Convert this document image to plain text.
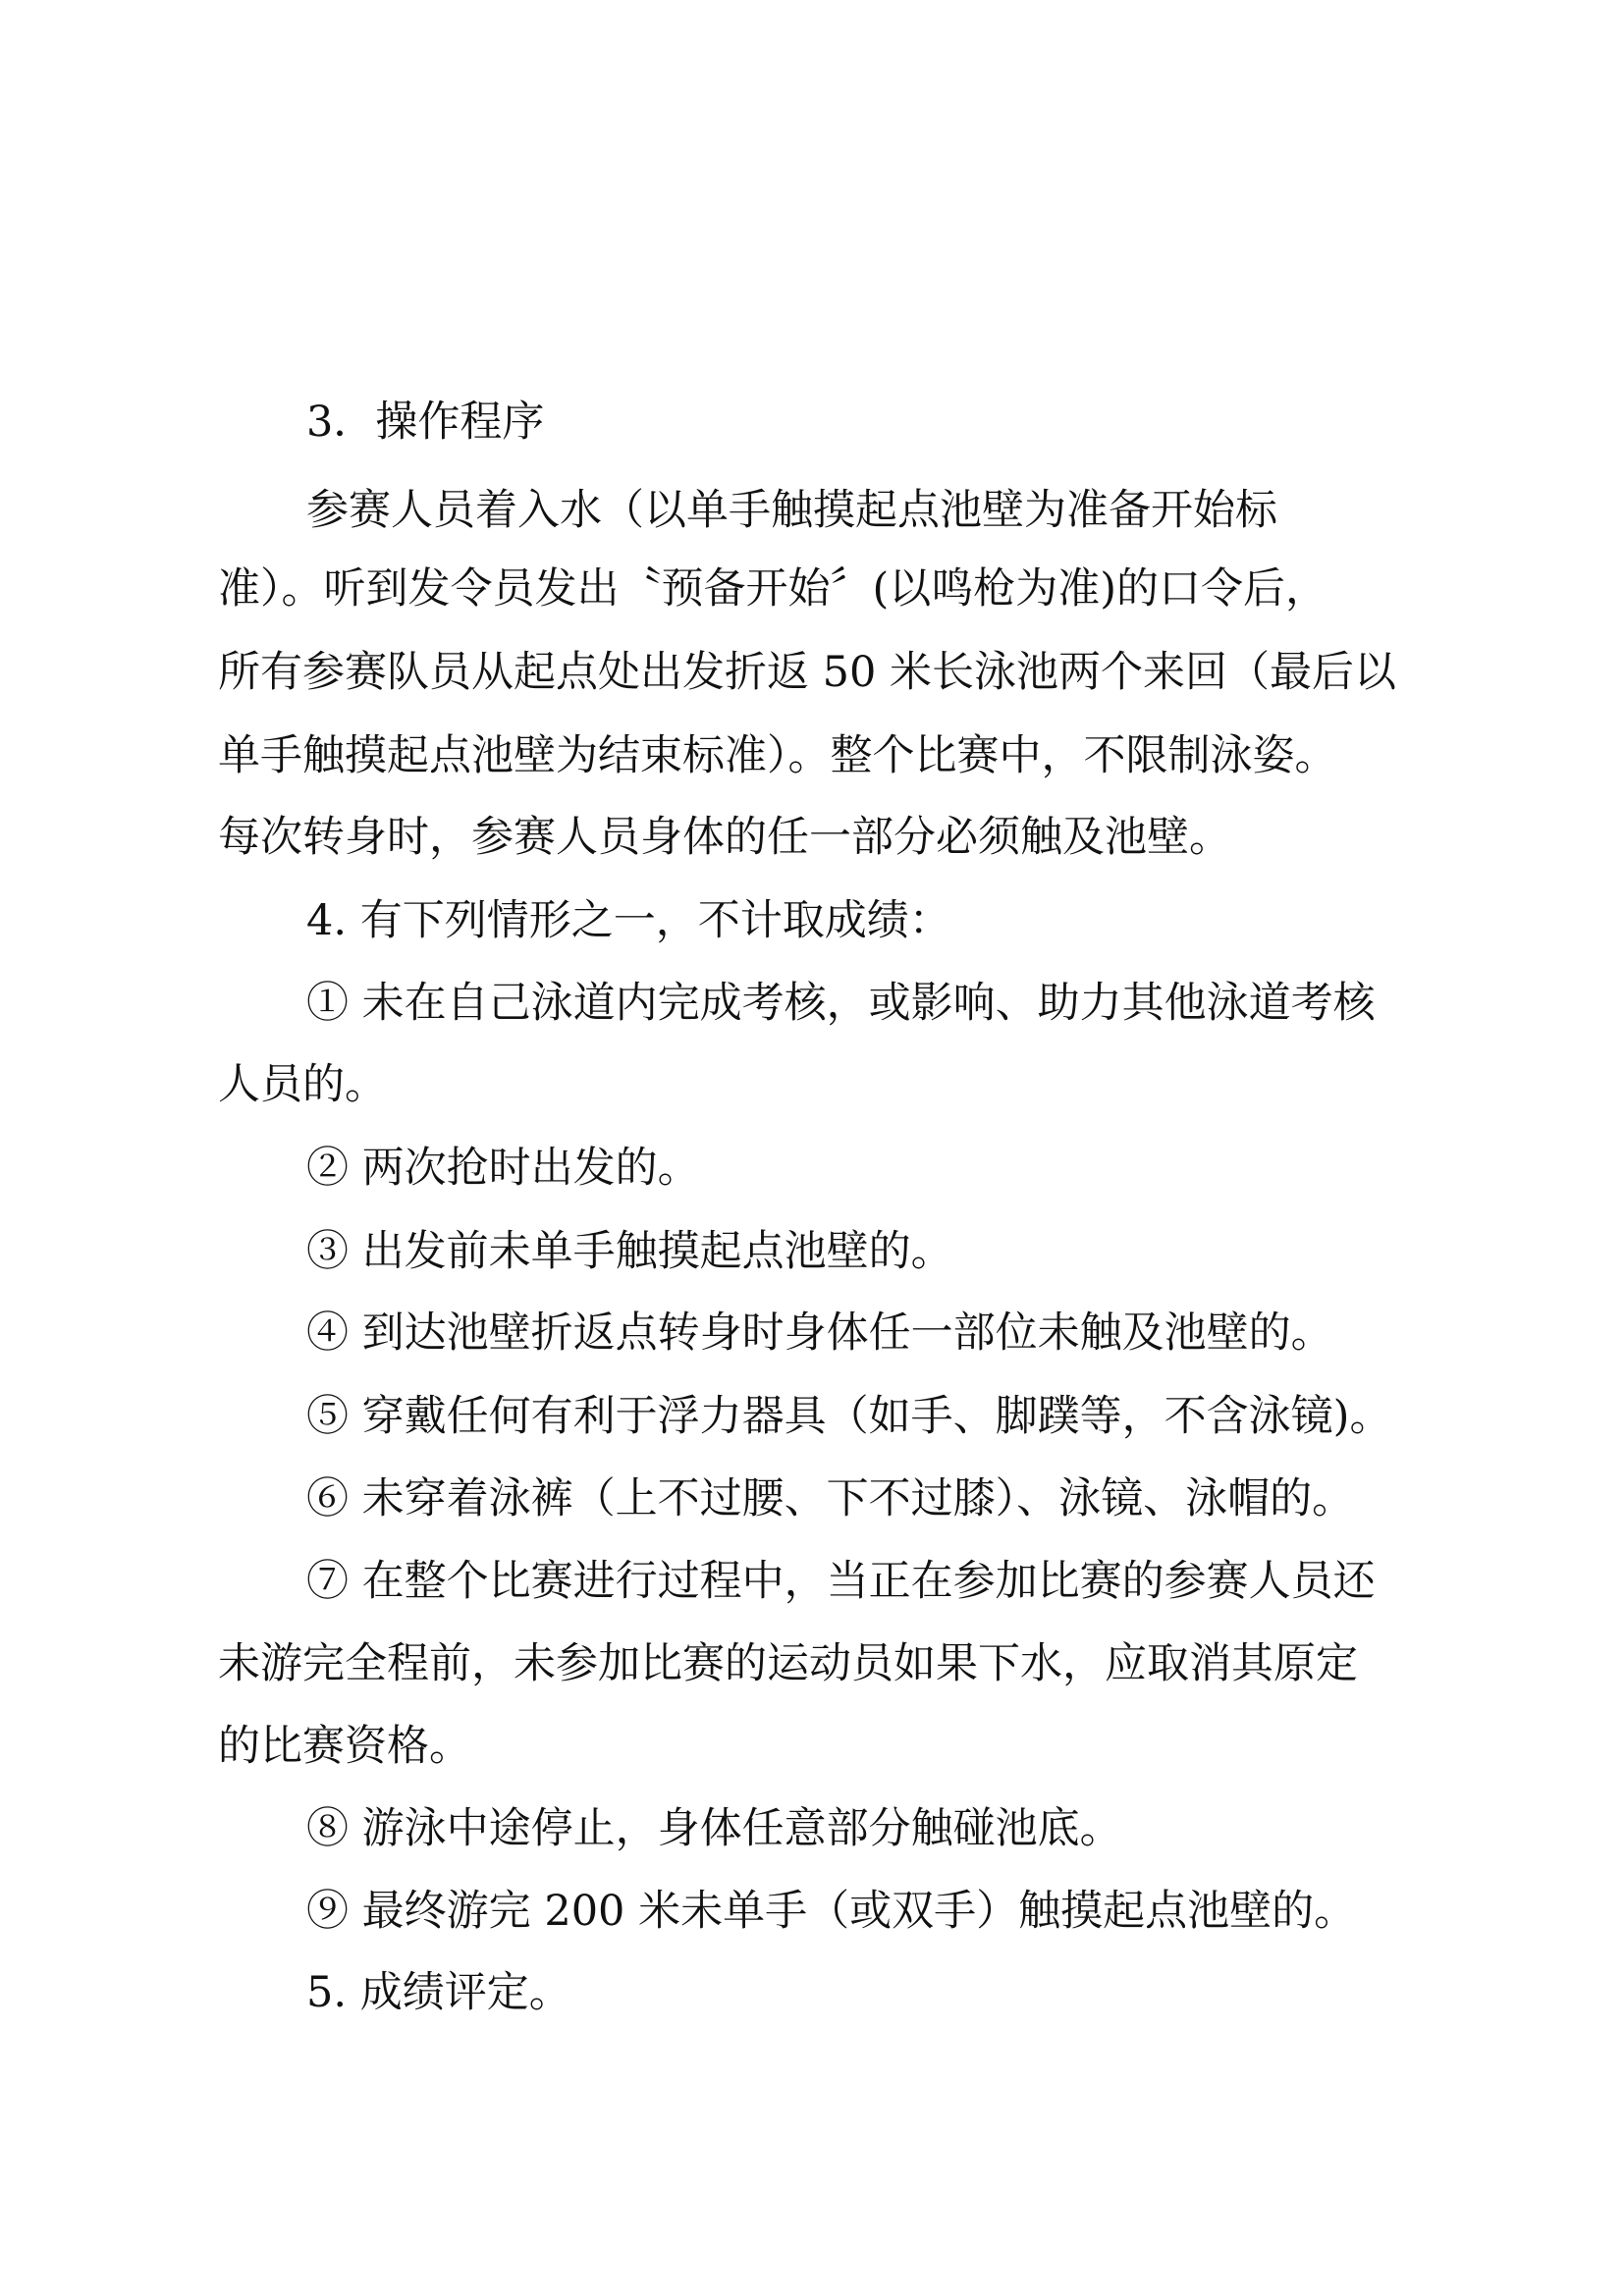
3．操作程序
参赛人员着入水（以单手触摸起点池壁为准备开始标
准）。听到发令员发出〝预备开始〞(以鸣枪为准)的口令后，
所有参赛队员从起点处出发折返 50 米长泳池两个来回（最后以
单手触摸起点池壁为结束标准）。整个比赛中，不限制泳姿。
每次转身时，参赛人员身体的任一部分必须触及池壁。
4. 有下列情形之一，不计取成绩：
① 未在自己泳道内完成考核，或影响、助力其他泳道考核
人员的。
② 两次抢时出发的。
③ 出发前未单手触摸起点池壁的。
④ 到达池壁折返点转身时身体任一部位未触及池壁的。
⑤ 穿戴任何有利于浮力器具（如手、脚蹼等，不含泳镜)。
⑥ 未穿着泳裤（上不过腰、下不过膝）、泳镜、泳帽的。
⑦ 在整个比赛进行过程中，当正在参加比赛的参赛人员还
未游完全程前，未参加比赛的运动员如果下水，应取消其原定
的比赛资格。
⑧ 游泳中途停止，身体任意部分触碰池底。
⑨ 最终游完 200 米未单手（或双手）触摸起点池壁的。
5. 成绩评定。
